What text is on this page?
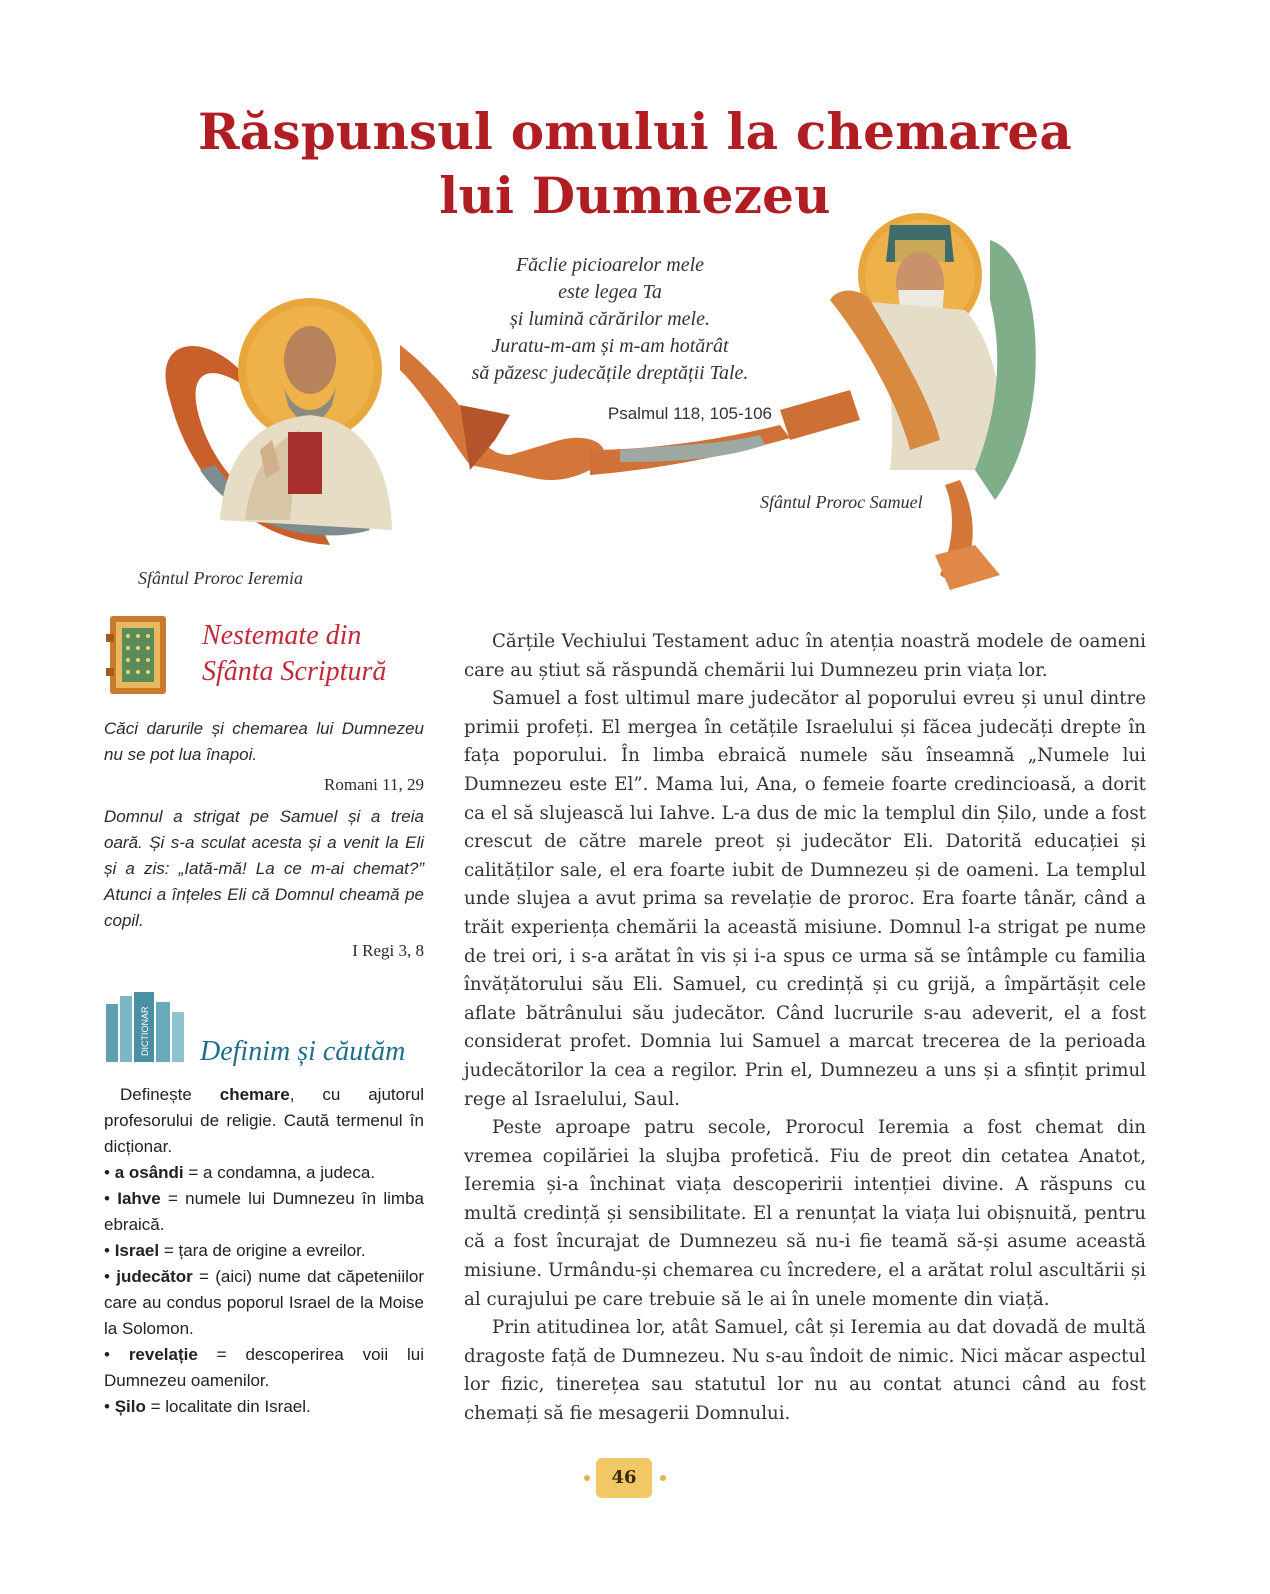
Răspunsul omului la chemarea
lui Dumnezeu
Făclie picioarelor mele
este legea Ta
și lumină cărărilor mele.
Juratu-m-am și m-am hotărât
să păzesc judecățile dreptății Tale.
Psalmul 118, 105-106
Sfântul Proroc Samuel
Sfântul Proroc Ieremia
Nestemate din
Sfânta Scriptură
Căci darurile și chemarea lui Dumnezeu nu se pot lua înapoi.
Romani 11, 29
Domnul a strigat pe Samuel și a treia oară. Și s-a sculat acesta și a venit la Eli și a zis: „Iată-mă! La ce m-ai chemat?” Atunci a înțeles Eli că Domnul cheamă pe copil.
I Regi 3, 8
DICTIONAR Definim și căutăm

Definește chemare, cu ajutorul profesorului de religie. Caută termenul în dicționar.

• a osândi = a condamna, a judeca.

• Iahve = numele lui Dumnezeu în limba ebraică.

• Israel = țara de origine a evreilor.

• judecător = (aici) nume dat căpeteniilor care au condus poporul Israel de la Moise la Solomon.

• revelație = descoperirea voii lui Dumnezeu oamenilor.

• Șilo = localitate din Israel.

Cărțile Vechiului Testament aduc în atenția noastră modele de oameni care au știut să răspundă chemării lui Dumnezeu prin viața lor.

Samuel a fost ultimul mare judecător al poporului evreu și unul dintre primii profeți. El mergea în cetățile Israelului și făcea judecăți drepte în fața poporului. În limba ebraică numele său înseamnă „Numele lui Dumnezeu este El”. Mama lui, Ana, o femeie foarte credincioasă, a dorit ca el să slujească lui Iahve. L-a dus de mic la templul din Șilo, unde a fost crescut de către marele preot și judecător Eli. Datorită educației și calităților sale, el era foarte iubit de Dumnezeu și de oameni. La templul unde slujea a avut prima sa revelație de proroc. Era foarte tânăr, când a trăit experiența chemării la această misiune. Domnul l-a strigat pe nume de trei ori, i s-a arătat în vis și i-a spus ce urma să se întâmple cu familia învățătorului său Eli. Samuel, cu credință și cu grijă, a împărtășit cele aflate bătrânului său judecător. Când lucrurile s-au adeverit, el a fost considerat profet. Domnia lui Samuel a marcat trecerea de la perioada judecătorilor la cea a regilor. Prin el, Dumnezeu a uns și a sfințit primul rege al Israelului, Saul.

Peste aproape patru secole, Prorocul Ieremia a fost chemat din vremea copilăriei la slujba profetică. Fiu de preot din cetatea Anatot, Ieremia și-a închinat viața descoperirii intenției divine. A răspuns cu multă credință și sensibilitate. El a renunțat la viața lui obișnuită, pentru că a fost încurajat de Dumnezeu să nu-i fie teamă să-și asume această misiune. Urmându-și chemarea cu încredere, el a arătat rolul ascultării și al curajului pe care trebuie să le ai în unele momente din viață.

Prin atitudinea lor, atât Samuel, cât și Ieremia au dat dovadă de multă dragoste față de Dumnezeu. Nu s-au îndoit de nimic. Nici măcar aspectul lor fizic, tinerețea sau statutul lor nu au contat atunci când au fost chemați să fie mesagerii Domnului.

46
